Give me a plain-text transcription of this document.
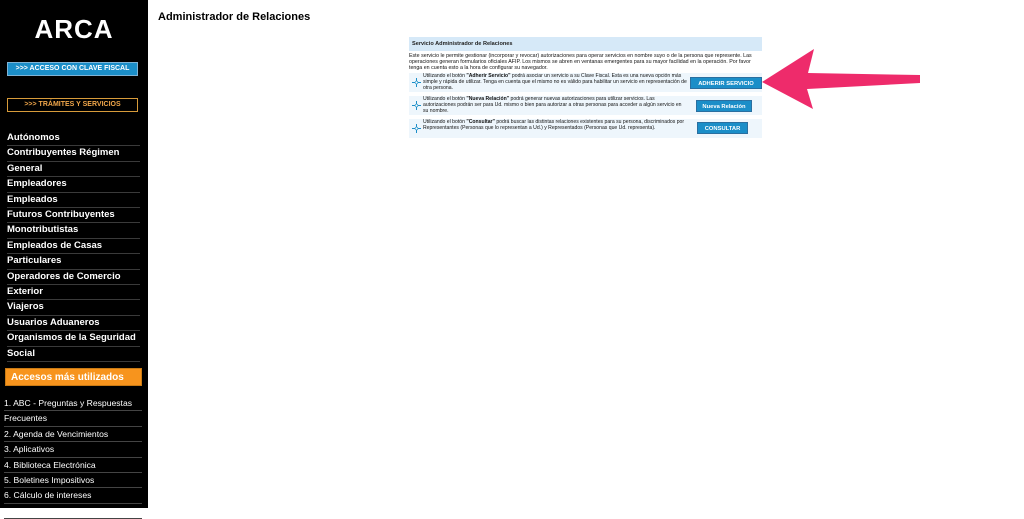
ARCA
>>> ACCESO CON CLAVE FISCAL
>>> TRÁMITES Y SERVICIOS
Autónomos
Contribuyentes Régimen
General
Empleadores
Empleados
Futuros Contribuyentes
Monotributistas
Empleados de Casas
Particulares
Operadores de Comercio
Exterior
Viajeros
Usuarios Aduaneros
Organismos de la Seguridad
Social
Accesos más utilizados
1. ABC - Preguntas y Respuestas
Frecuentes
2. Agenda de Vencimientos
3. Aplicativos
4. Biblioteca Electrónica
5. Boletines Impositivos
6. Cálculo de intereses
7. Constancia de inscripción
Administrador de Relaciones
Servicio Administrador de Relaciones
Este servicio le permite gestionar (incorporar y revocar) autorizaciones para operar servicios en nombre suyo o de la persona que represente. Las operaciones generan formularios oficiales AFIP. Los mismos se abren en ventanas emergentes para su mayor facilidad en la operación. Por favor tenga en cuenta esto a la hora de configurar su navegador.
Utilizando el botón "Adherir Servicio" podrá asociar un servicio a su Clave Fiscal. Esta es una nueva opción más simple y rápida de utilizar. Tenga en cuenta que el mismo no es válido para habilitar un servicio en representación de otra persona.
ADHERIR SERVICIO
Utilizando el botón "Nueva Relación" podrá generar nuevas autorizaciones para utilizar servicios. Las autorizaciones podrán ser para Ud. mismo o bien para autorizar a otras personas para acceder a algún servicio en su nombre.
Nueva Relación
Utilizando el botón "Consultar" podrá buscar las distintas relaciones existentes para su persona, discriminados por Representantes (Personas que lo representan a Ud.) y Representados (Personas que Ud. representa).	CONSULTAR
